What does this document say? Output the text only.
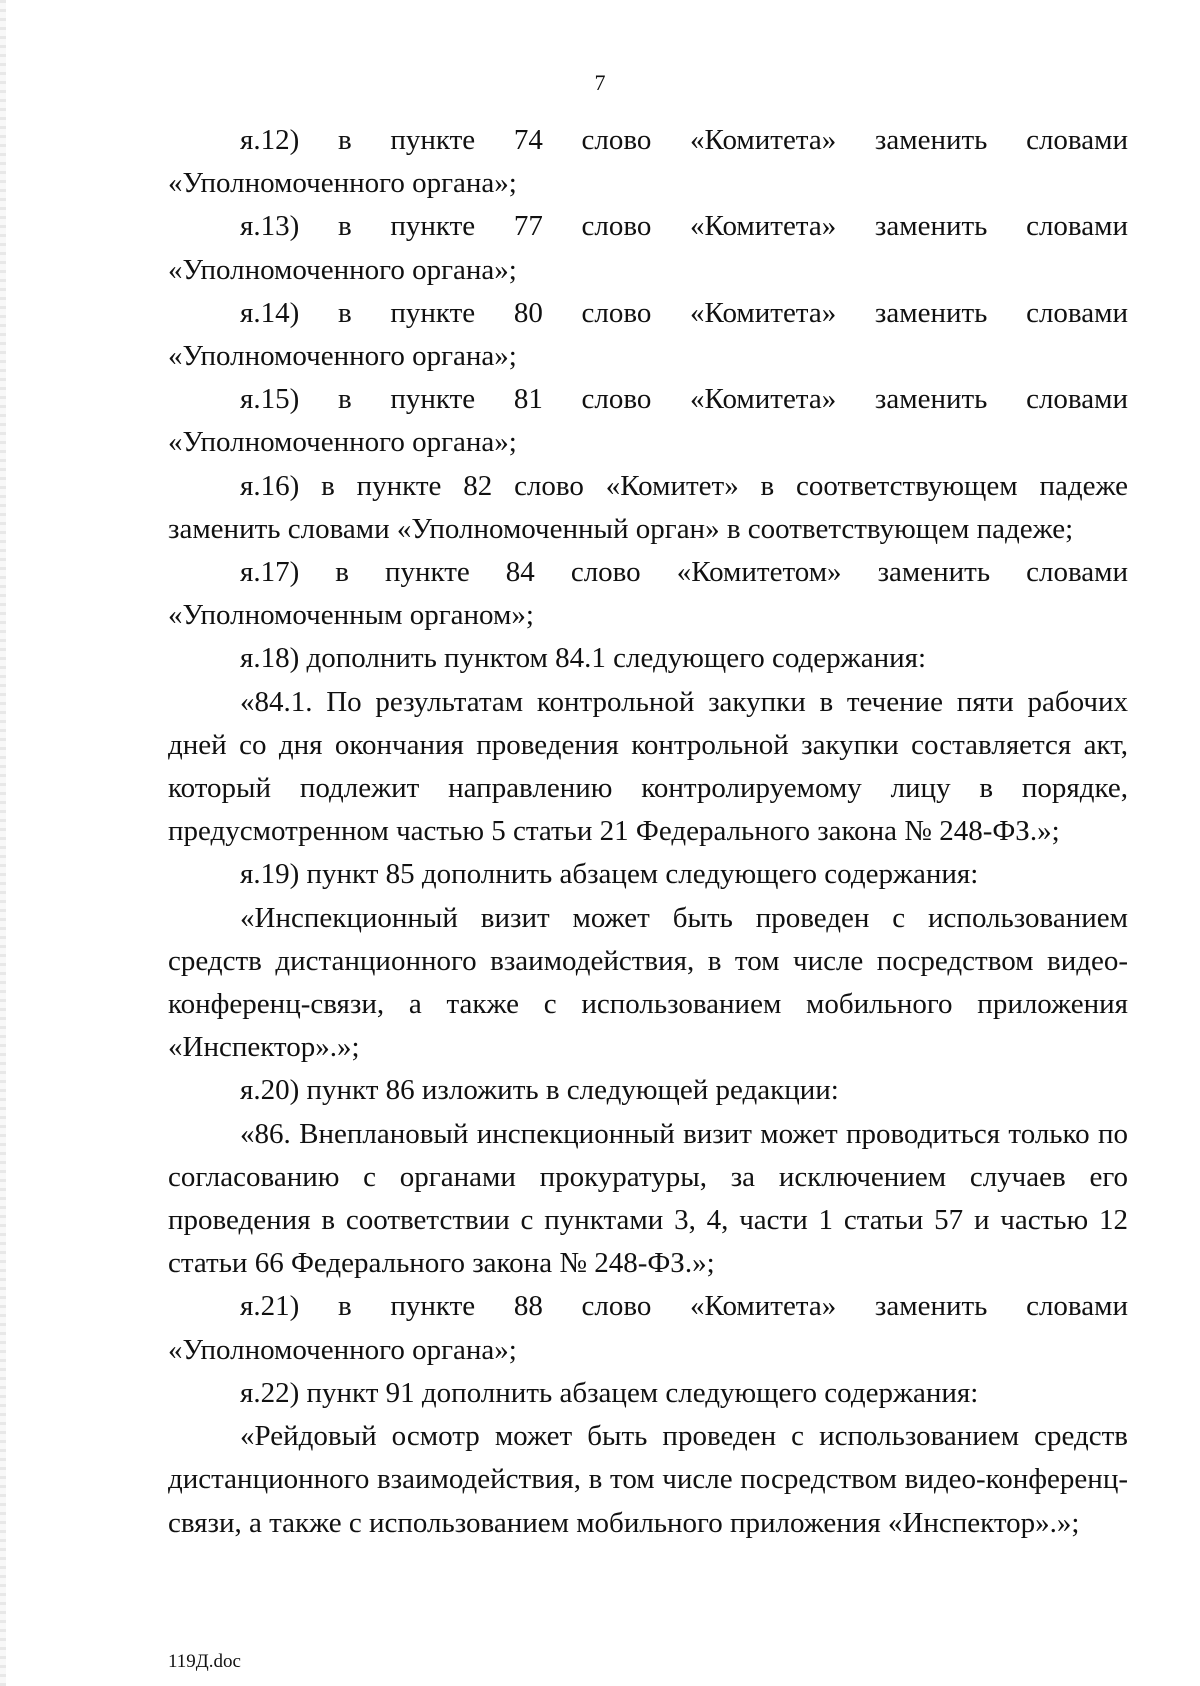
7

я.12) в пункте 74 слово «Комитета» заменить словами «Уполномоченного органа»;

я.13) в пункте 77 слово «Комитета» заменить словами «Уполномоченного органа»;

я.14) в пункте 80 слово «Комитета» заменить словами «Уполномоченного органа»;

я.15) в пункте 81 слово «Комитета» заменить словами «Уполномоченного органа»;

я.16) в пункте 82 слово «Комитет» в соответствующем падеже заменить словами «Уполномоченный орган» в соответствующем падеже;

я.17) в пункте 84 слово «Комитетом» заменить словами «Уполномоченным органом»;

я.18) дополнить пунктом 84.1 следующего содержания:

«84.1. По результатам контрольной закупки в течение пяти рабочих дней со дня окончания проведения контрольной закупки составляется акт, который подлежит направлению контролируемому лицу в порядке, предусмотренном частью 5 статьи 21 Федерального закона № 248-ФЗ.»;

я.19) пункт 85 дополнить абзацем следующего содержания:

«Инспекционный визит может быть проведен с использованием средств дистанционного взаимодействия, в том числе посредством видео-конференц-связи, а также с использованием мобильного приложения «Инспектор».»;

я.20) пункт 86 изложить в следующей редакции:

«86. Внеплановый инспекционный визит может проводиться только по согласованию с органами прокуратуры, за исключением случаев его проведения в соответствии с пунктами 3, 4, части 1 статьи 57 и частью 12 статьи 66 Федерального закона № 248-ФЗ.»;

я.21) в пункте 88 слово «Комитета» заменить словами «Уполномоченного органа»;

я.22) пункт 91 дополнить абзацем следующего содержания:

«Рейдовый осмотр может быть проведен с использованием средств дистанционного взаимодействия, в том числе посредством видео-конференц-связи, а также с использованием мобильного приложения «Инспектор».»;

119Д.doc
